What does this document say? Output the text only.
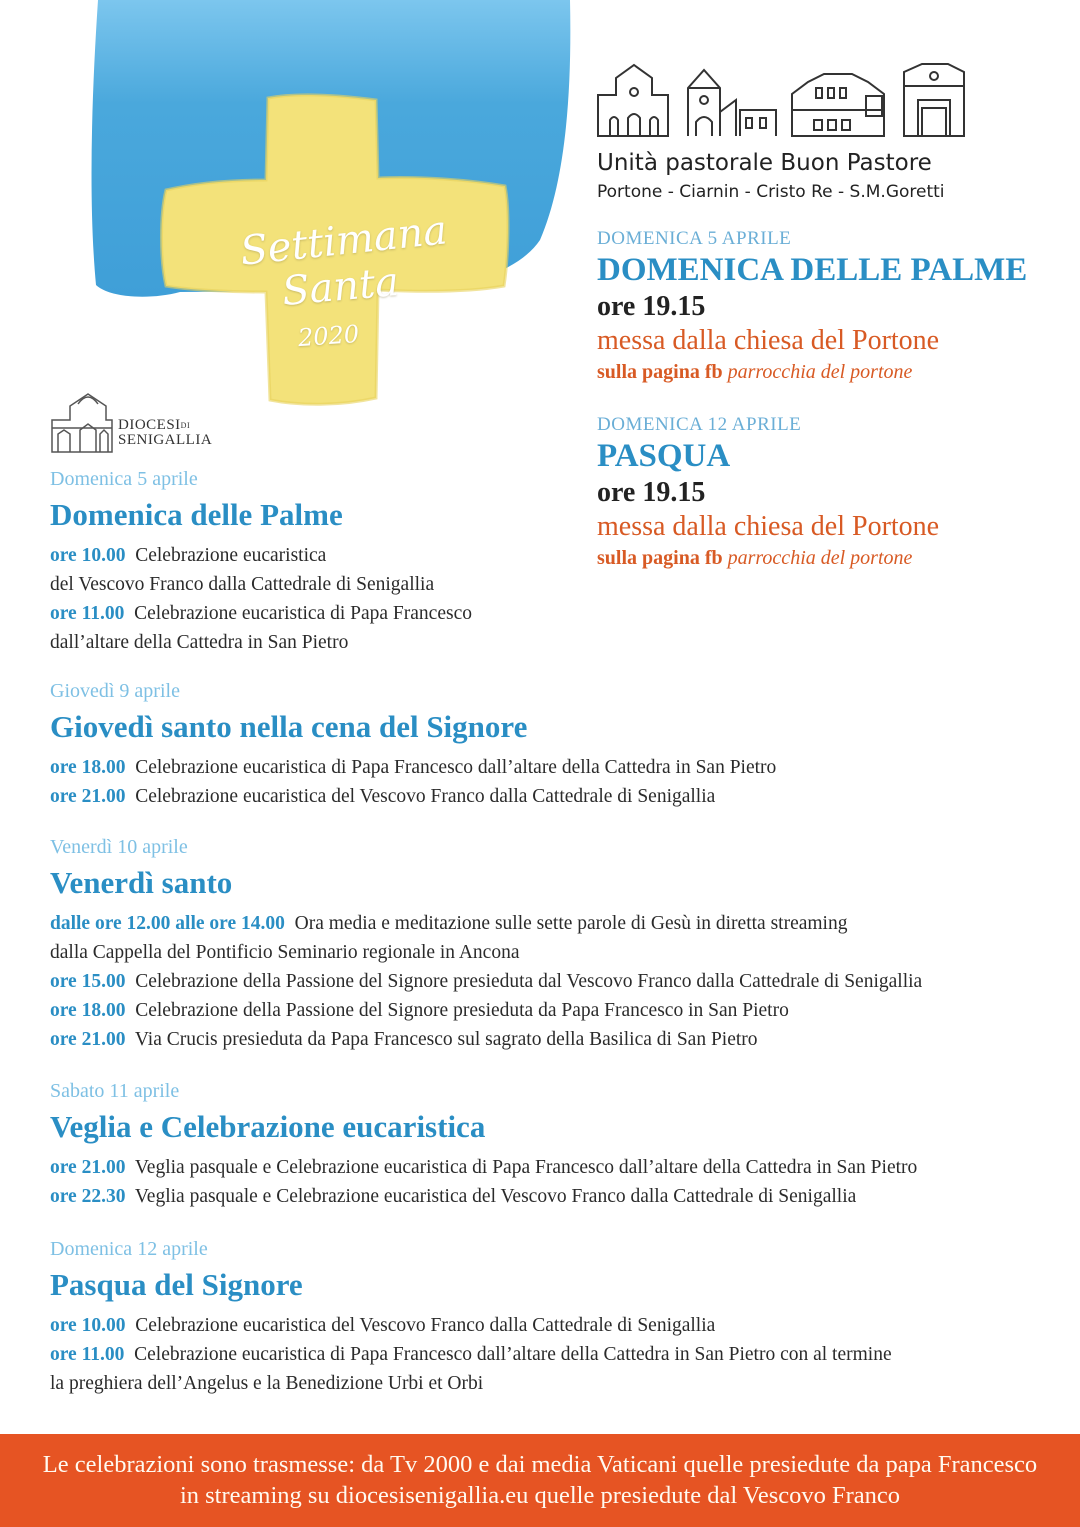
Settimana
Santa
2020
Unità pastorale Buon Pastore
Portone - Ciarnin - Cristo Re - S.M.Goretti
DOMENICA 5 APRILE
DOMENICA DELLE PALME
ore 19.15
messa dalla chiesa del Portone
sulla pagina fb parrocchia del portone
DOMENICA 12 APRILE
PASQUA
ore 19.15
messa dalla chiesa del Portone
sulla pagina fb parrocchia del portone
DIOCESIDI
SENIGALLIA
Domenica 5 aprile
Domenica delle Palme
ore 10.00 Celebrazione eucaristica
del Vescovo Franco dalla Cattedrale di Senigallia
ore 11.00 Celebrazione eucaristica di Papa Francesco
dall’altare della Cattedra in San Pietro
Giovedì 9 aprile
Giovedì santo nella cena del Signore
ore 18.00 Celebrazione eucaristica di Papa Francesco dall’altare della Cattedra in San Pietro
ore 21.00 Celebrazione eucaristica del Vescovo Franco dalla Cattedrale di Senigallia
Venerdì 10 aprile
Venerdì santo
dalle ore 12.00 alle ore 14.00 Ora media e meditazione sulle sette parole di Gesù in diretta streaming
dalla Cappella del Pontificio Seminario regionale in Ancona
ore 15.00 Celebrazione della Passione del Signore presieduta dal Vescovo Franco dalla Cattedrale di Senigallia
ore 18.00 Celebrazione della Passione del Signore presieduta da Papa Francesco in San Pietro
ore 21.00 Via Crucis presieduta da Papa Francesco sul sagrato della Basilica di San Pietro
Sabato 11 aprile
Veglia e Celebrazione eucaristica
ore 21.00 Veglia pasquale e Celebrazione eucaristica di Papa Francesco dall’altare della Cattedra in San Pietro
ore 22.30 Veglia pasquale e Celebrazione eucaristica del Vescovo Franco dalla Cattedrale di Senigallia
Domenica 12 aprile
Pasqua del Signore
ore 10.00 Celebrazione eucaristica del Vescovo Franco dalla Cattedrale di Senigallia
ore 11.00 Celebrazione eucaristica di Papa Francesco dall’altare della Cattedra in San Pietro con al termine
la preghiera dell’Angelus e la Benedizione Urbi et Orbi
Le celebrazioni sono trasmesse: da Tv 2000 e dai media Vaticani quelle presiedute da papa Francesco
in streaming su diocesisenigallia.eu quelle presiedute dal Vescovo Franco
